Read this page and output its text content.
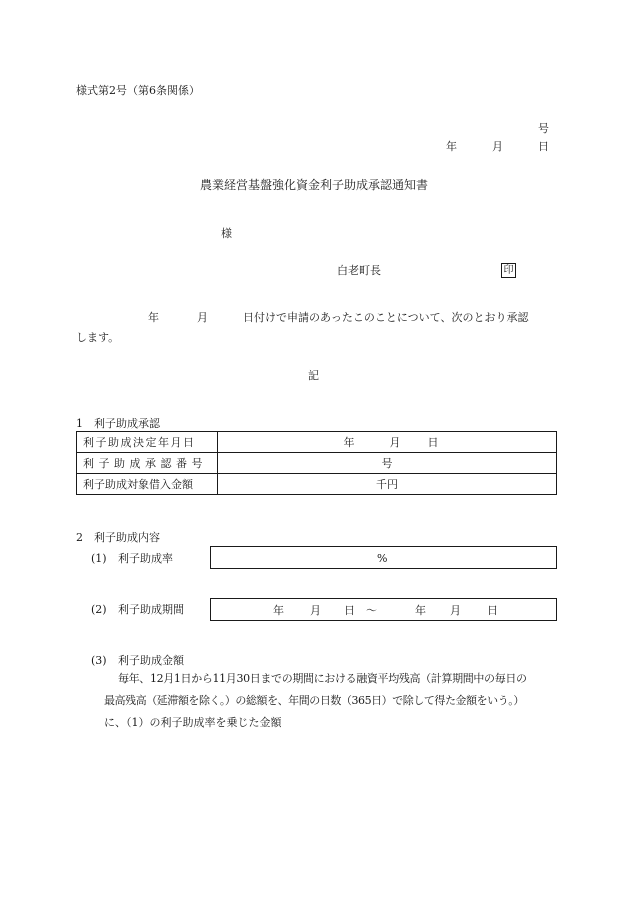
様式第2号（第6条関係）
号
年	月	日
農業経営基盤強化資金利子助成承認通知書
様
白老町長	印
年	月	日付けで申請のあったこのことについて、次のとおり承認
します。
記
1　利子助成承認
利子助成決定年月日	年 月 日
利子助成承認番号	号
利子助成対象借入金額	千円
2　利子助成内容
(1) 利子助成率	%
(2) 利子助成期間	年 月 日 ～	年 月 日
(3) 利子助成金額
毎年、12月1日から11月30日までの期間における融資平均残高（計算期間中の毎日の
最高残高（延滞額を除く。）の総額を、年間の日数（365日）で除して得た金額をいう。）
に、（1）の利子助成率を乗じた金額
